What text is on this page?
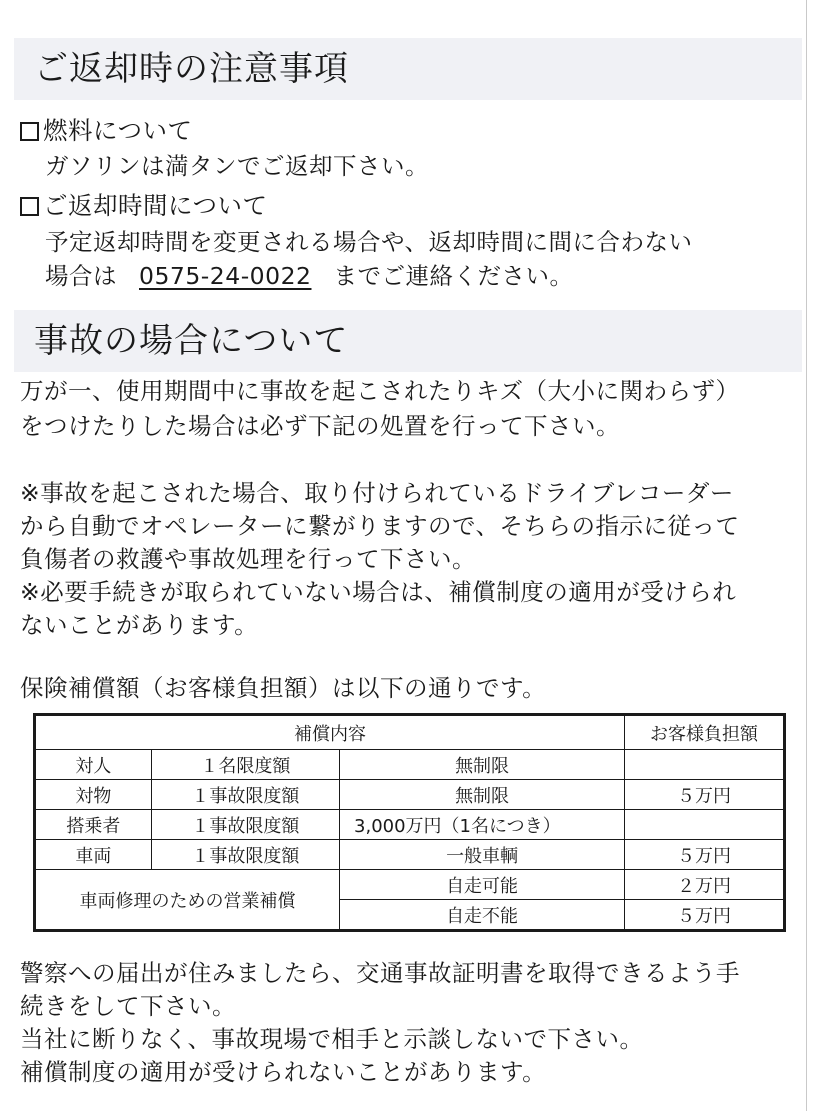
ご返却時の注意事項
燃料について
ガソリンは満タンでご返却下さい。
ご返却時間について
予定返却時間を変更される場合や、返却時間に間に合わない
場合は 0575-24-0022 までご連絡ください。
事故の場合について
万が一、使用期間中に事故を起こされたりキズ（大小に関わらず）
をつけたりした場合は必ず下記の処置を行って下さい。
※事故を起こされた場合、取り付けられているドライブレコーダー
から自動でオペレーターに繋がりますので、そちらの指示に従って
負傷者の救護や事故処理を行って下さい。
※必要手続きが取られていない場合は、補償制度の適用が受けられ
ないことがあります。
保険補償額（お客様負担額）は以下の通りです。
補償内容			お客様負担額
対人	１名限度額	無制限	
対物	１事故限度額	無制限	５万円
搭乗者	１事故限度額	3,000万円（1名につき）	
車両	１事故限度額	一般車輌	５万円
車両修理のための営業補償		自走可能	２万円
		自走不能	５万円
警察への届出が住みましたら、交通事故証明書を取得できるよう手
続きをして下さい。
当社に断りなく、事故現場で相手と示談しないで下さい。
補償制度の適用が受けられないことがあります。
